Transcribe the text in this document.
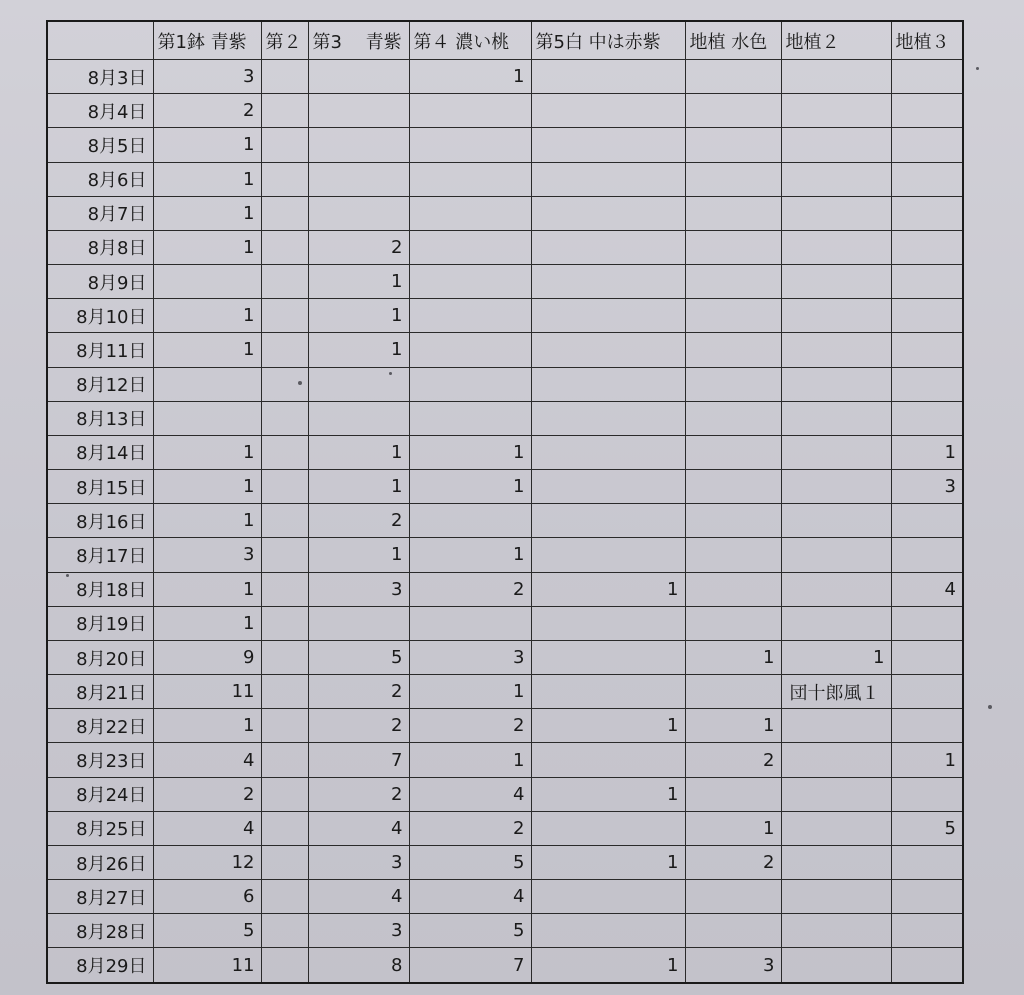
	第1鉢 青紫	第２	第3　 青紫	第４ 濃い桃	第5白 中は赤紫	地植 水色	地植２	地植３
8月3日	3			1				
8月4日	2							
8月5日	1							
8月6日	1							
8月7日	1							
8月8日	1		2					
8月9日			1					
8月10日	1		1					
8月11日	1		1					
8月12日								
8月13日								
8月14日	1		1	1				1
8月15日	1		1	1				3
8月16日	1		2					
8月17日	3		1	1				
8月18日	1		3	2	1			4
8月19日	1							
8月20日	9		5	3		1	1	
8月21日	11		2	1			団十郎風１	
8月22日	1		2	2	1	1		
8月23日	4		7	1		2		1
8月24日	2		2	4	1			
8月25日	4		4	2		1		5
8月26日	12		3	5	1	2		
8月27日	6		4	4				
8月28日	5		3	5				
8月29日	11		8	7	1	3		
